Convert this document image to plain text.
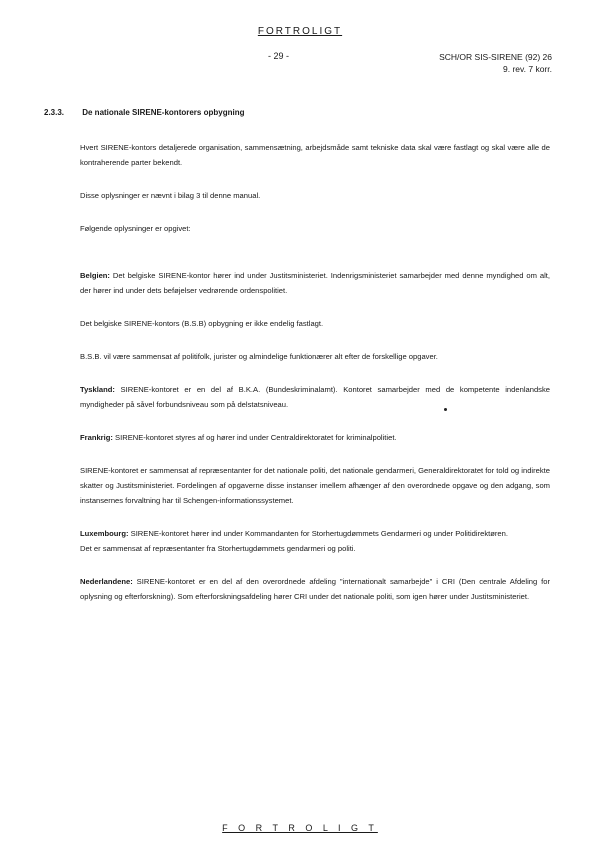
FORTROLIGT
- 29 -	SCH/OR SIS-SIRENE (92) 26
9. rev. 7 korr.
2.3.3. De nationale SIRENE-kontorers opbygning

Hvert SIRENE-kontors detaljerede organisation, sammensætning, arbejdsmåde samt tekniske data skal være fastlagt og skal være alle de kontraherende parter bekendt.

Disse oplysninger er nævnt i bilag 3 til denne manual.

Følgende oplysninger er opgivet:

Belgien: Det belgiske SIRENE-kontor hører ind under Justitsministeriet. Indenrigsministeriet samarbejder med denne myndighed om alt, der hører ind under dets beføjelser vedrørende ordenspolitiet.

Det belgiske SIRENE-kontors (B.S.B) opbygning er ikke endelig fastlagt.

B.S.B. vil være sammensat af politifolk, jurister og almindelige funktionærer alt efter de forskellige opgaver.

Tyskland: SIRENE-kontoret er en del af B.K.A. (Bundeskriminalamt). Kontoret samarbejder med de kompetente indenlandske myndigheder på såvel forbundsniveau som på delstatsniveau.

Frankrig: SIRENE-kontoret styres af og hører ind under Centraldirektoratet for kriminalpolitiet.

SIRENE-kontoret er sammensat af repræsentanter for det nationale politi, det nationale gendarmeri, Generaldirektoratet for told og indirekte skatter og Justitsministeriet. Fordelingen af opgaverne disse instanser imellem afhænger af den overordnede opgave og den adgang, som instansernes forvaltning har til Schengen-informationssystemet.

Luxembourg: SIRENE-kontoret hører ind under Kommandanten for Storhertugdømmets Gendarmeri og under Politidirektøren.

Det er sammensat af repræsentanter fra Storhertugdømmets gendarmeri og politi.

Nederlandene: SIRENE-kontoret er en del af den overordnede afdeling "internationalt samarbejde" i CRI (Den centrale Afdeling for oplysning og efterforskning). Som efterforskningsafdeling hører CRI under det nationale politi, som igen hører under Justitsministeriet.

F O R T R O L I G T
